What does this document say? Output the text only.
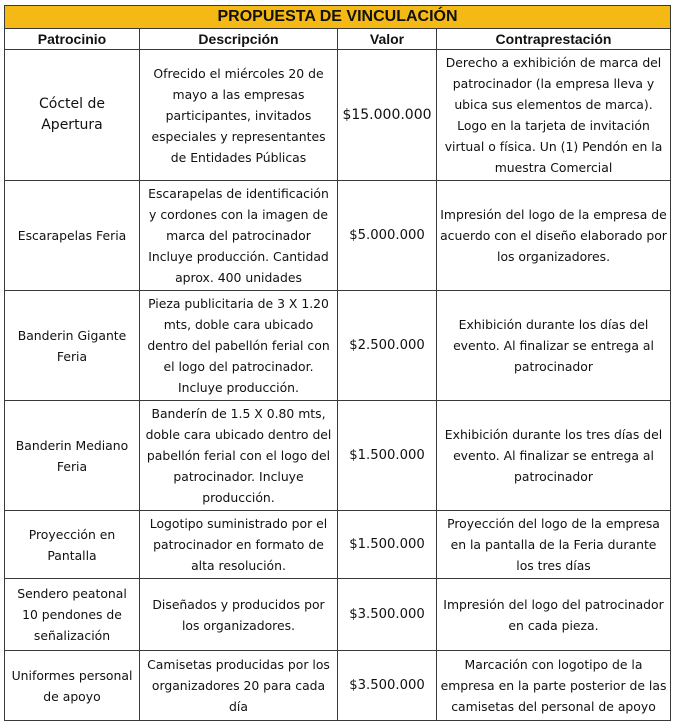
PROPUESTA DE VINCULACIÓN			
Patrocinio	Descripción	Valor	Contraprestación
Cóctel de Apertura	Ofrecido el miércoles 20 de mayo a las empresas participantes, invitados especiales y representantes de Entidades Públicas	$15.000.000	Derecho a exhibición de marca del patrocinador (la empresa lleva y ubica sus elementos de marca). Logo en la tarjeta de invitación virtual o física. Un (1) Pendón en la muestra Comercial
Escarapelas Feria	Escarapelas de identificación y cordones con la imagen de marca del patrocinador Incluye producción. Cantidad aprox. 400 unidades	$5.000.000	Impresión del logo de la empresa de acuerdo con el diseño elaborado por los organizadores.
Banderin Gigante Feria	Pieza publicitaria de 3 X 1.20 mts, doble cara ubicado dentro del pabellón ferial con el logo del patrocinador. Incluye producción.	$2.500.000	Exhibición durante los días del evento. Al finalizar se entrega al patrocinador
Banderin Mediano Feria	Banderín de 1.5 X 0.80 mts, doble cara ubicado dentro del pabellón ferial con el logo del patrocinador. Incluye producción.	$1.500.000	Exhibición durante los tres días del evento. Al finalizar se entrega al patrocinador
Proyección en Pantalla	Logotipo suministrado por el patrocinador en formato de alta resolución.	$1.500.000	Proyección del logo de la empresa en la pantalla de la Feria durante los tres días
Sendero peatonal 10 pendones de señalización	Diseñados y producidos por los organizadores.	$3.500.000	Impresión del logo del patrocinador en cada pieza.
Uniformes personal de apoyo	Camisetas producidas por los organizadores 20 para cada día	$3.500.000	Marcación con logotipo de la empresa en la parte posterior de las camisetas del personal de apoyo
